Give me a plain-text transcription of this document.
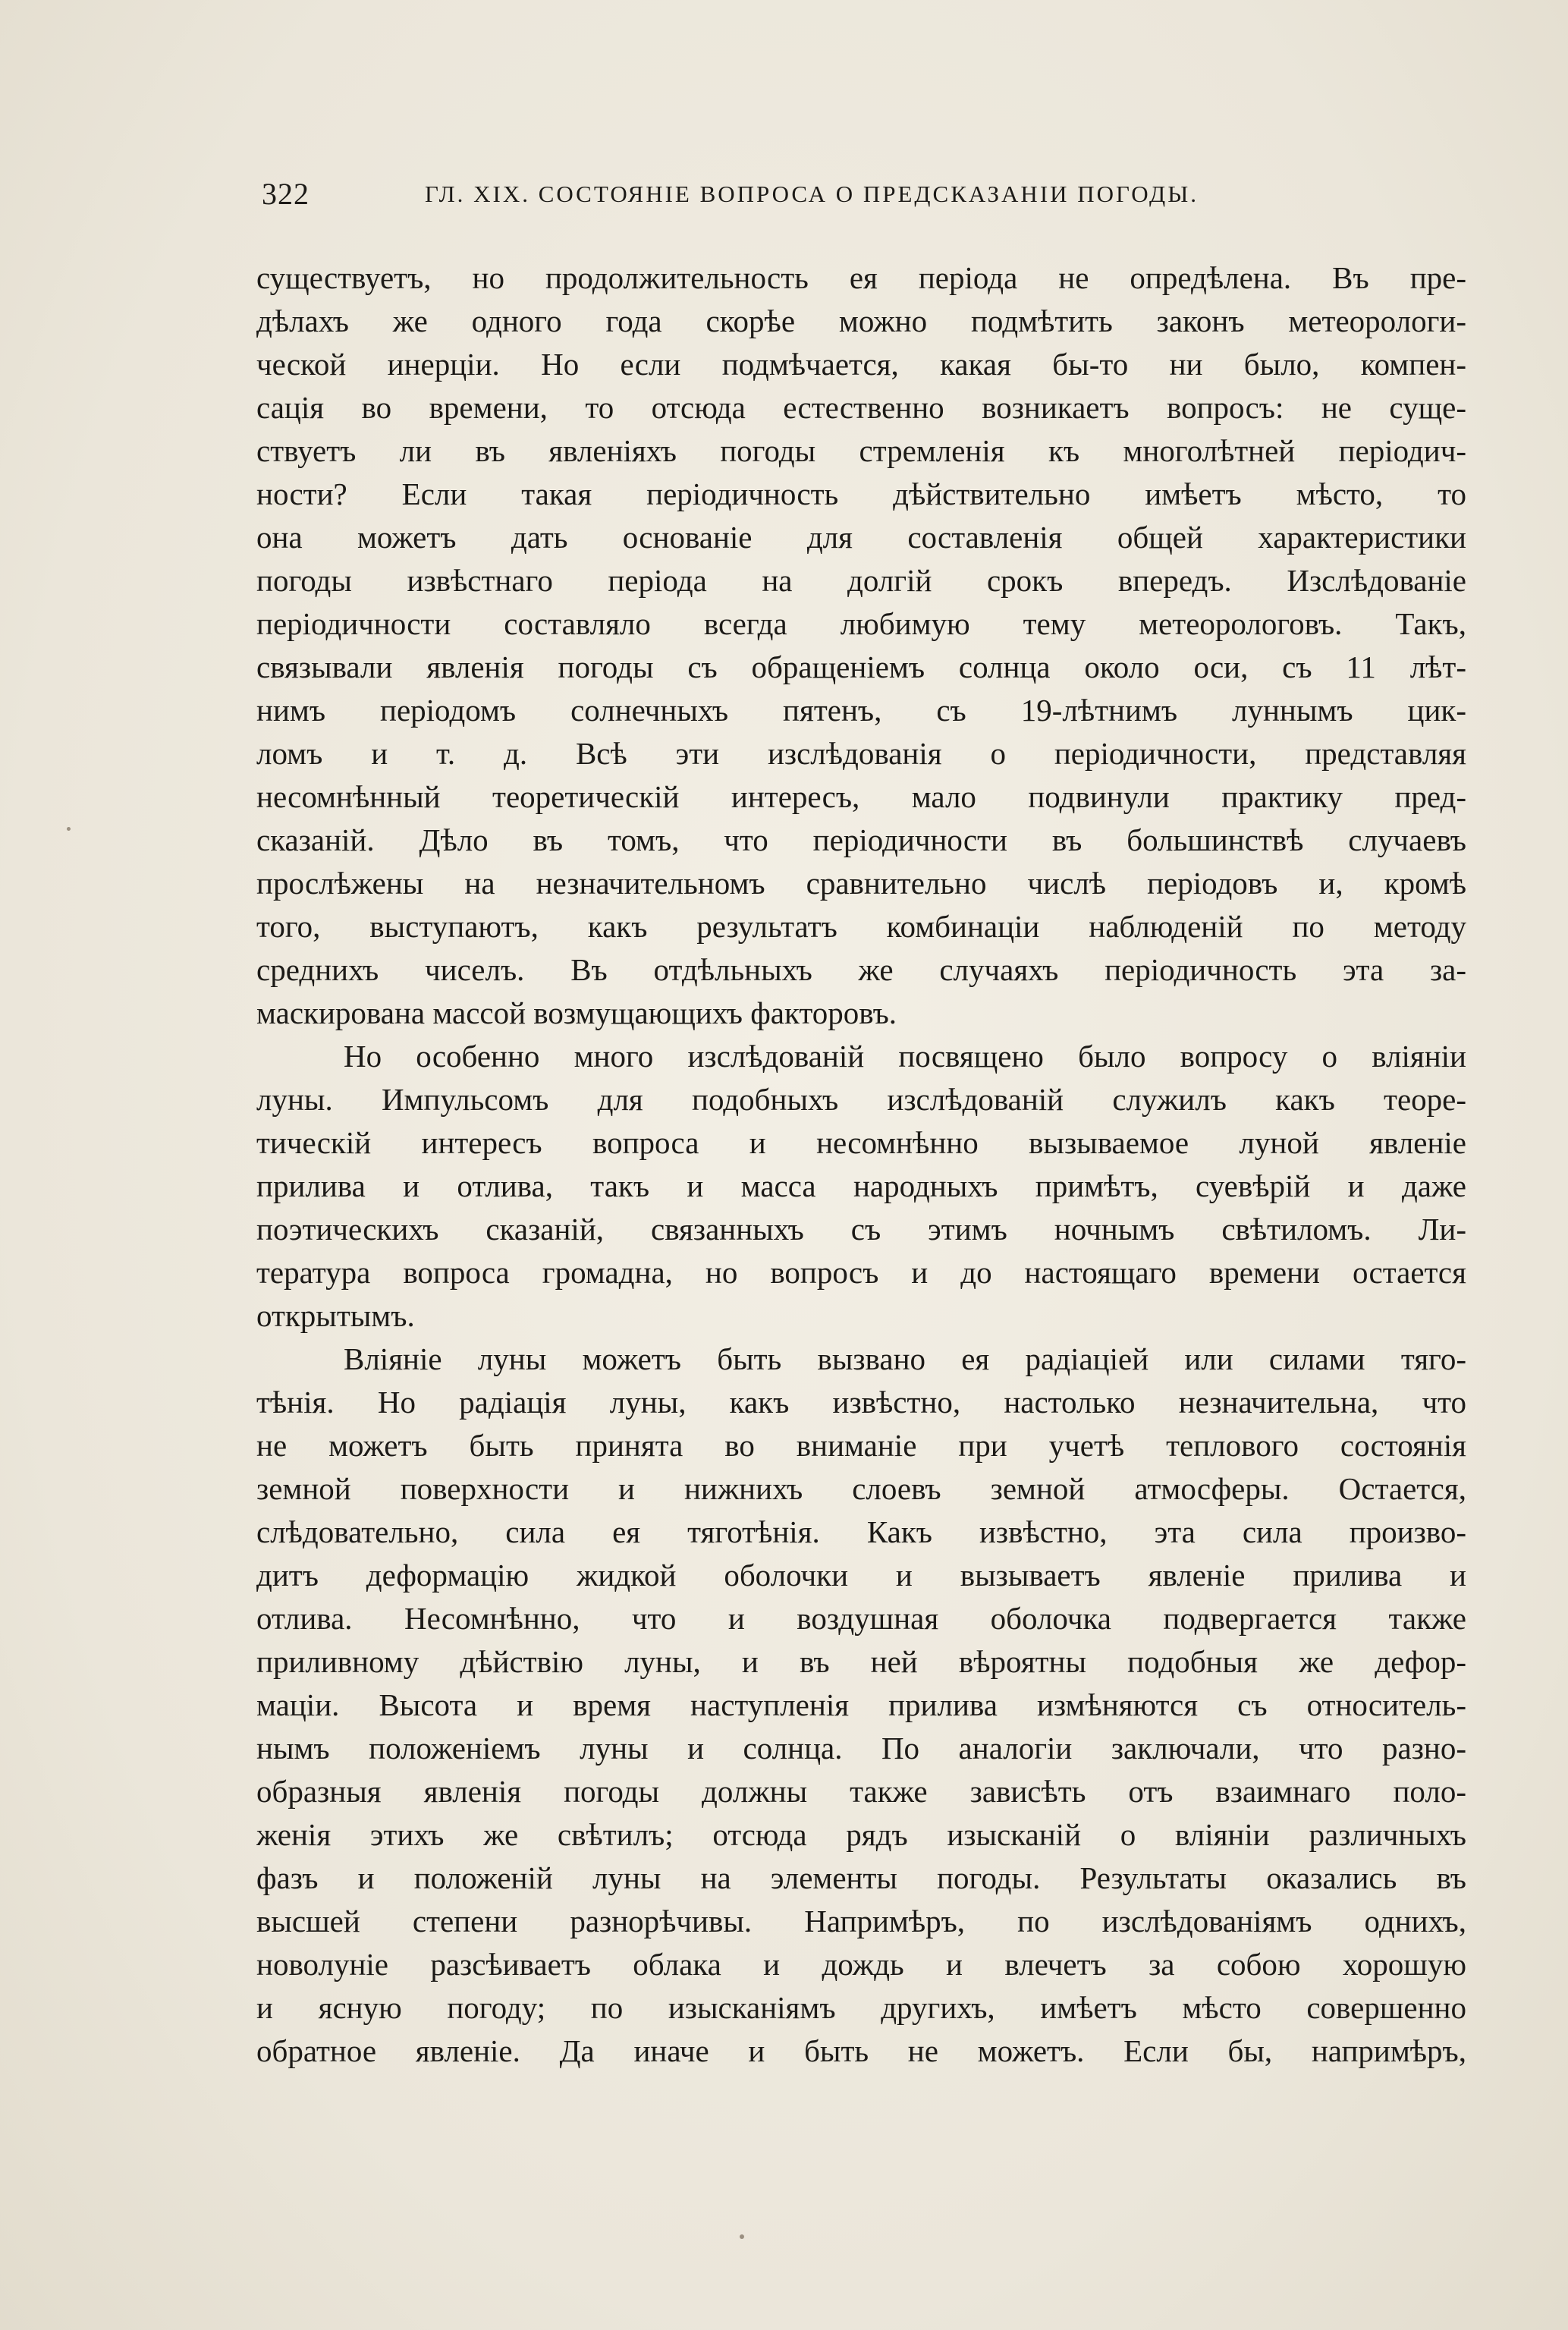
322	ГЛ. XIX. СОСТОЯНІЕ ВОПРОСА О ПРЕДСКАЗАНІИ ПОГОДЫ.
существуетъ, но продолжительность ея періода не опредѣлена. Въ пре-
дѣлахъ же одного года скорѣе можно подмѣтить законъ метеорологи-
ческой инерціи. Но если подмѣчается, какая бы-то ни было, компен-
сація во времени, то отсюда естественно возникаетъ вопросъ: не суще-
ствуетъ ли въ явленіяхъ погоды стремленія къ многолѣтней періодич-
ности? Если такая періодичность дѣйствительно имѣетъ мѣсто, то
она можетъ дать основаніе для составленія общей характеристики
погоды извѣстнаго періода на долгій срокъ впередъ. Изслѣдованіе
періодичности составляло всегда любимую тему метеорологовъ. Такъ,
связывали явленія погоды съ обращеніемъ солнца около оси, съ 11 лѣт-
нимъ періодомъ солнечныхъ пятенъ, съ 19-лѣтнимъ луннымъ цик-
ломъ и т. д. Всѣ эти изслѣдованія о періодичности, представляя
несомнѣнный теоретическій интересъ, мало подвинули практику пред-
сказаній. Дѣло въ томъ, что періодичности въ большинствѣ случаевъ
прослѣжены на незначительномъ сравнительно числѣ періодовъ и, кромѣ
того, выступаютъ, какъ результатъ комбинаціи наблюденій по методу
среднихъ чиселъ. Въ отдѣльныхъ же случаяхъ періодичность эта за-
маскирована массой возмущающихъ факторовъ.
Но особенно много изслѣдованій посвящено было вопросу о вліяніи
луны. Импульсомъ для подобныхъ изслѣдованій служилъ какъ теоре-
тическій интересъ вопроса и несомнѣнно вызываемое луной явленіе
прилива и отлива, такъ и масса народныхъ примѣтъ, суевѣрій и даже
поэтическихъ сказаній, связанныхъ съ этимъ ночнымъ свѣтиломъ. Ли-
тература вопроса громадна, но вопросъ и до настоящаго времени остается
открытымъ.
Вліяніе луны можетъ быть вызвано ея радіаціей или силами тяго-
тѣнія. Но радіація луны, какъ извѣстно, настолько незначительна, что
не можетъ быть принята во вниманіе при учетѣ теплового состоянія
земной поверхности и нижнихъ слоевъ земной атмосферы. Остается,
слѣдовательно, сила ея тяготѣнія. Какъ извѣстно, эта сила произво-
дитъ деформацію жидкой оболочки и вызываетъ явленіе прилива и
отлива. Несомнѣнно, что и воздушная оболочка подвергается также
приливному дѣйствію луны, и въ ней вѣроятны подобныя же дефор-
маціи. Высота и время наступленія прилива измѣняются съ относитель-
нымъ положеніемъ луны и солнца. По аналогіи заключали, что разно-
образныя явленія погоды должны также зависѣть отъ взаимнаго поло-
женія этихъ же свѣтилъ; отсюда рядъ изысканій о вліяніи различныхъ
фазъ и положеній луны на элементы погоды. Результаты оказались въ
высшей степени разнорѣчивы. Напримѣръ, по изслѣдованіямъ однихъ,
новолуніе разсѣиваетъ облака и дождь и влечетъ за собою хорошую
и ясную погоду; по изысканіямъ другихъ, имѣетъ мѣсто совершенно
обратное явленіе. Да иначе и быть не можетъ. Если бы, напримѣръ,
